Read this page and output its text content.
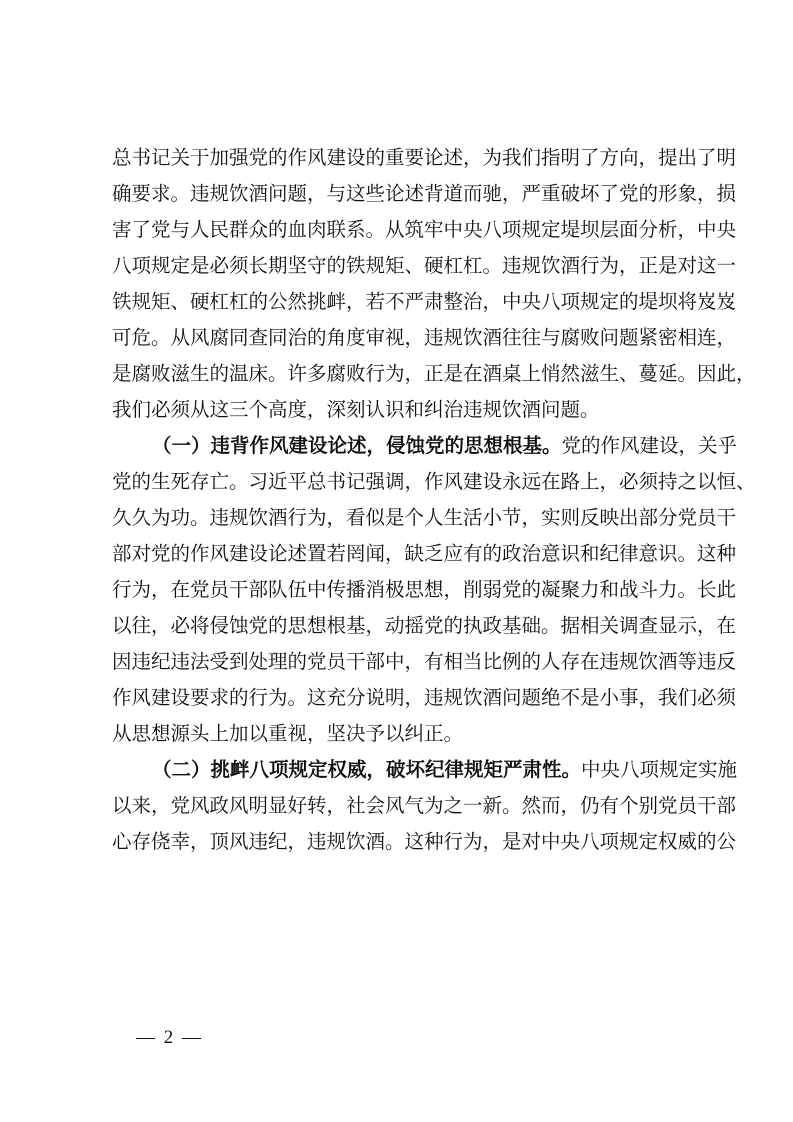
总书记关于加强党的作风建设的重要论述，为我们指明了方向，提出了明
确要求。违规饮酒问题，与这些论述背道而驰，严重破坏了党的形象，损
害了党与人民群众的血肉联系。从筑牢中央八项规定堤坝层面分析，中央
八项规定是必须长期坚守的铁规矩、硬杠杠。违规饮酒行为，正是对这一
铁规矩、硬杠杠的公然挑衅，若不严肃整治，中央八项规定的堤坝将岌岌
可危。从风腐同查同治的角度审视，违规饮酒往往与腐败问题紧密相连，
是腐败滋生的温床。许多腐败行为，正是在酒桌上悄然滋生、蔓延。因此，
我们必须从这三个高度，深刻认识和纠治违规饮酒问题。
（一）违背作风建设论述，侵蚀党的思想根基。党的作风建设，关乎
党的生死存亡。习近平总书记强调，作风建设永远在路上，必须持之以恒、
久久为功。违规饮酒行为，看似是个人生活小节，实则反映出部分党员干
部对党的作风建设论述置若罔闻，缺乏应有的政治意识和纪律意识。这种
行为，在党员干部队伍中传播消极思想，削弱党的凝聚力和战斗力。长此
以往，必将侵蚀党的思想根基，动摇党的执政基础。据相关调查显示，在
因违纪违法受到处理的党员干部中，有相当比例的人存在违规饮酒等违反
作风建设要求的行为。这充分说明，违规饮酒问题绝不是小事，我们必须
从思想源头上加以重视，坚决予以纠正。
（二）挑衅八项规定权威，破坏纪律规矩严肃性。中央八项规定实施
以来，党风政风明显好转，社会风气为之一新。然而，仍有个别党员干部
心存侥幸，顶风违纪，违规饮酒。这种行为，是对中央八项规定权威的公
— 2 —
